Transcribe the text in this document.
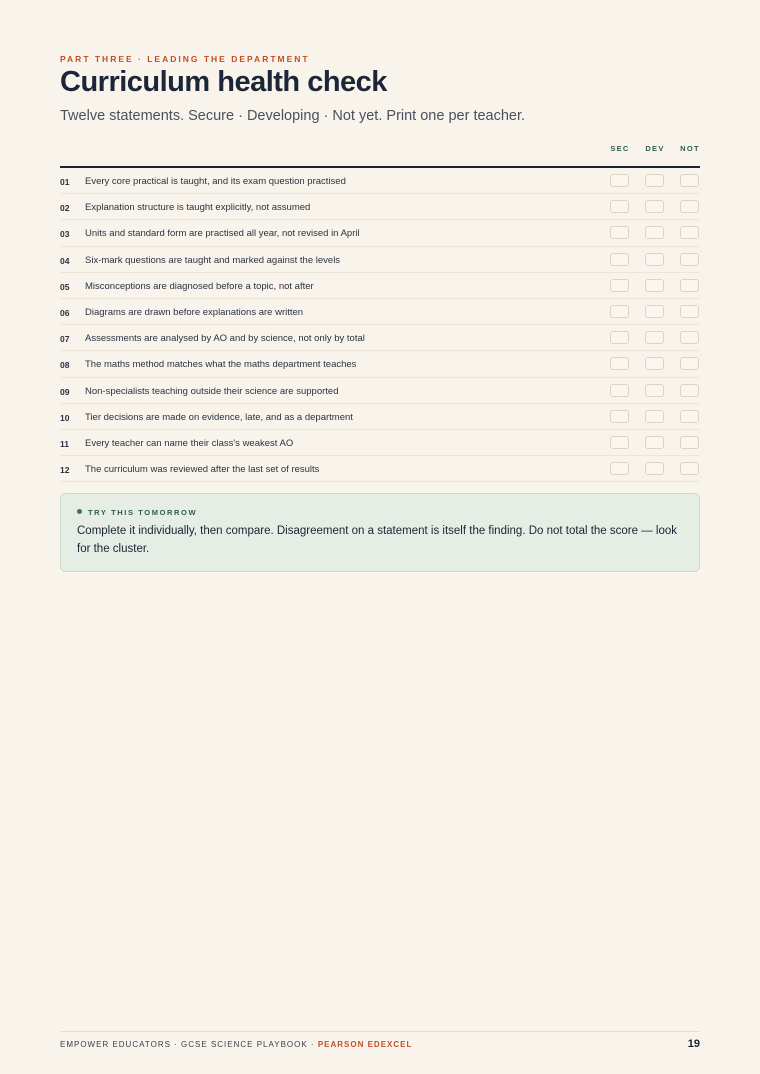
PART THREE · LEADING THE DEPARTMENT
Curriculum health check
Twelve statements. Secure · Developing · Not yet. Print one per teacher.
SEC	DEV	NOT
01 Every core practical is taught, and its exam question practised
02 Explanation structure is taught explicitly, not assumed
03 Units and standard form are practised all year, not revised in April
04 Six-mark questions are taught and marked against the levels
05 Misconceptions are diagnosed before a topic, not after
06 Diagrams are drawn before explanations are written
07 Assessments are analysed by AO and by science, not only by total
08 The maths method matches what the maths department teaches
09 Non-specialists teaching outside their science are supported
10 Tier decisions are made on evidence, late, and as a department
11 Every teacher can name their class's weakest AO
12 The curriculum was reviewed after the last set of results
TRY THIS TOMORROW
Complete it individually, then compare. Disagreement on a statement is itself the finding. Do not total the score — look for the cluster.
EMPOWER EDUCATORS · GCSE SCIENCE PLAYBOOK · PEARSON EDEXCEL	19
